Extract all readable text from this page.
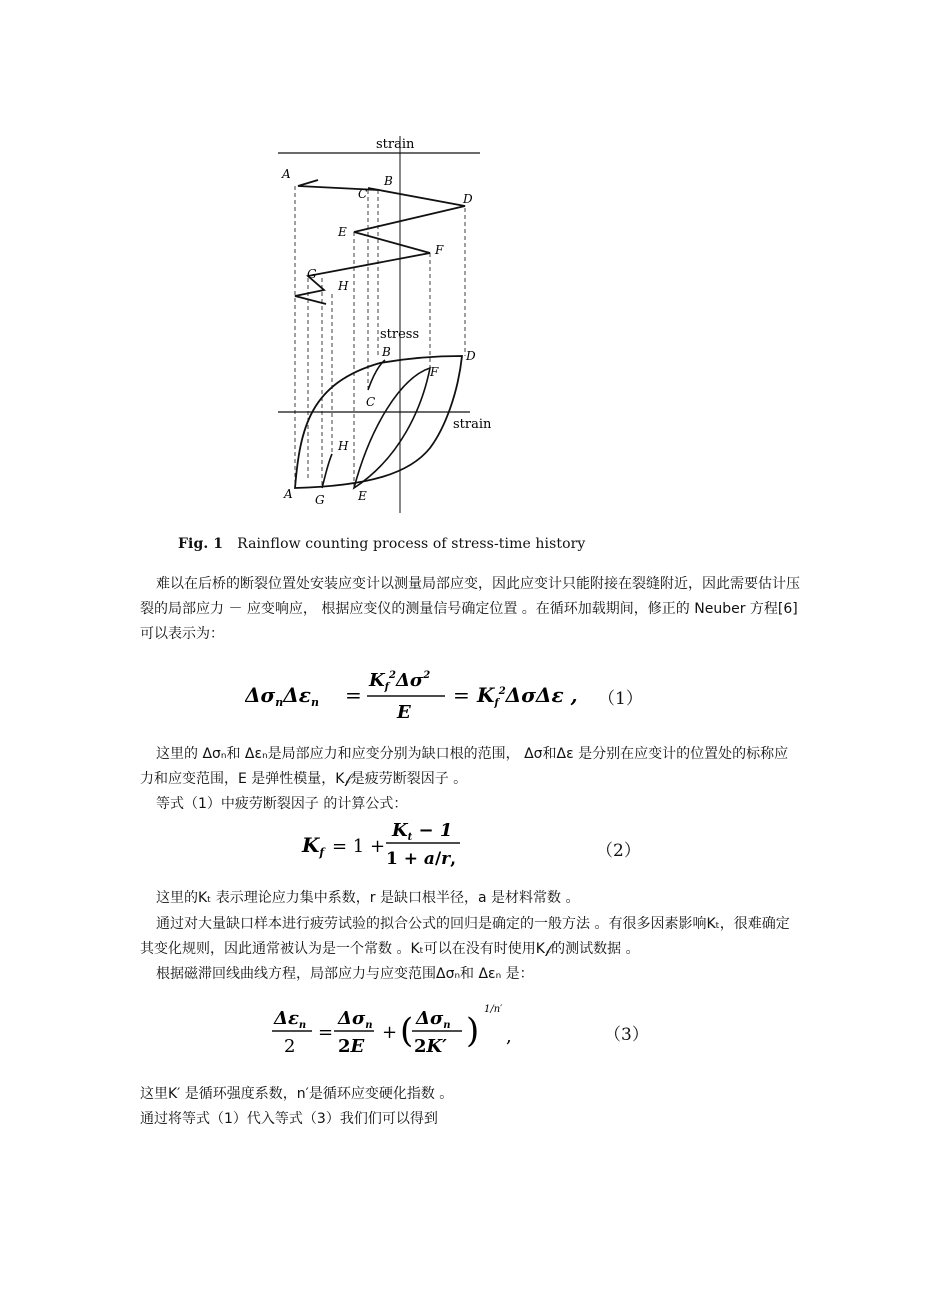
strain
A	B
C	D
E
F
G
H
stress
strain
B	D
F
C
H
A G	E
Fig. 1 Rainflow counting process of stress-time history
难以在后桥的断裂位置处安装应变计以测量局部应变，因此应变计只能附接在裂缝附近，因此需要估计压裂的局部应力 － 应变响应， 根据应变仪的测量信号确定位置 。在循环加载期间，修正的 Neuber 方程[6]可以表示为：
$\Delta\sigma_n\Delta\varepsilon_n$ =
$K_f^2\Delta\sigma^2$
E
= $K_f^2\Delta\sigma\Delta\varepsilon$ , （1）
这里的 Δσₙ和 Δεₙ是局部应力和应变分别为缺口根的范围， Δσ和Δε 是分别在应变计的位置处的标称应力和应变范围，E 是弹性模量，K𝒻是疲劳断裂因子 。
等式（1）中疲劳断裂因子 的计算公式：
$K_f = 1$ +
$K_t - 1$
1 + a/r,	（2）
这里的Kₜ 表示理论应力集中系数，r 是缺口根半径，a 是材料常数 。
通过对大量缺口样本进行疲劳试验的拟合公式的回归是确定的一般方法 。有很多因素影响Kₜ，很难确定其变化规则，因此通常被认为是一个常数 。Kₜ可以在没有时使用K𝒻的测试数据 。
根据磁滞回线曲线方程，局部应力与应变范围Δσₙ和 Δεₙ 是：
$\Delta\varepsilon_n$
2
=
$\Delta\sigma_n$
2E
+ ( $\Delta\sigma_n$
2K′ )
1/n′
,	（3）
这里K′ 是循环强度系数，n′是循环应变硬化指数 。
通过将等式（1）代入等式（3）我们们可以得到
